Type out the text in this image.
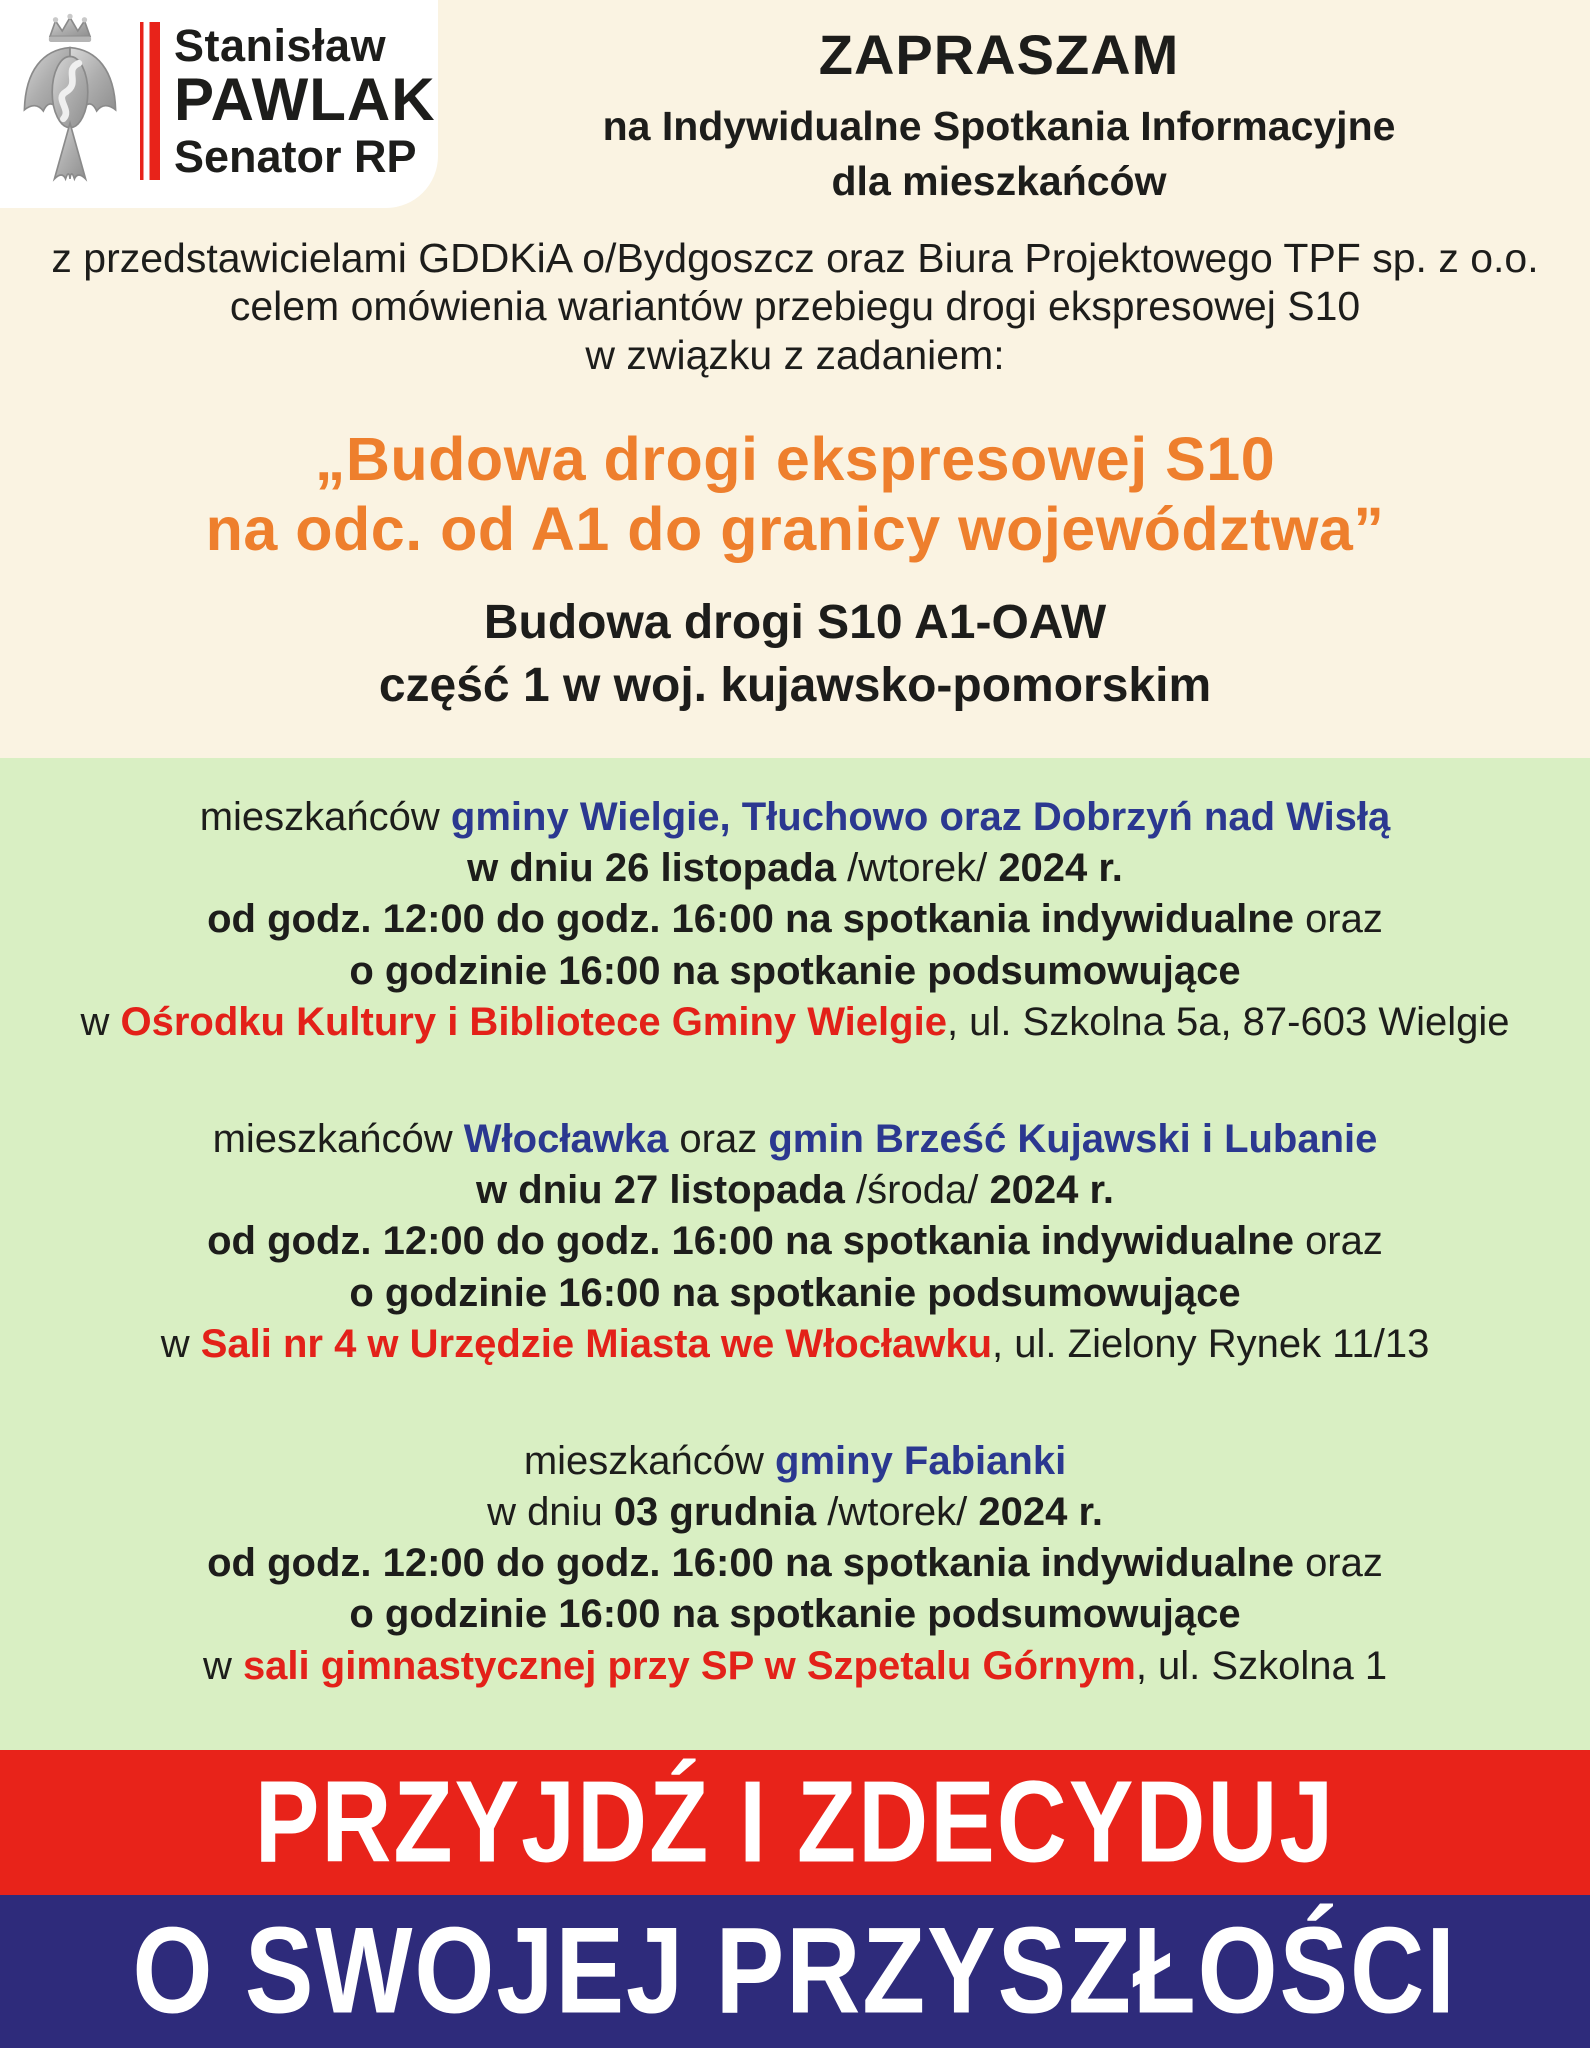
Stanisław
PAWLAK
Senator RP
ZAPRASZAM
na Indywidualne Spotkania Informacyjne
dla mieszkańców
z przedstawicielami GDDKiA o/Bydgoszcz oraz Biura Projektowego TPF sp. z o.o.
celem omówienia wariantów przebiegu drogi ekspresowej S10
w związku z zadaniem:
„Budowa drogi ekspresowej S10
na odc. od A1 do granicy województwa”
Budowa drogi S10 A1-OAW
część 1 w woj. kujawsko-pomorskim
mieszkańców gminy Wielgie, Tłuchowo oraz Dobrzyń nad Wisłą
w dniu 26 listopada /wtorek/ 2024 r.
od godz. 12:00 do godz. 16:00 na spotkania indywidualne oraz
o godzinie 16:00 na spotkanie podsumowujące
w Ośrodku Kultury i Bibliotece Gminy Wielgie, ul. Szkolna 5a, 87-603 Wielgie
mieszkańców Włocławka oraz gmin Brześć Kujawski i Lubanie
w dniu 27 listopada /środa/ 2024 r.
od godz. 12:00 do godz. 16:00 na spotkania indywidualne oraz
o godzinie 16:00 na spotkanie podsumowujące
w Sali nr 4 w Urzędzie Miasta we Włocławku, ul. Zielony Rynek 11/13
mieszkańców gminy Fabianki
w dniu 03 grudnia /wtorek/ 2024 r.
od godz. 12:00 do godz. 16:00 na spotkania indywidualne oraz
o godzinie 16:00 na spotkanie podsumowujące
w sali gimnastycznej przy SP w Szpetalu Górnym, ul. Szkolna 1
PRZYJDŹ I ZDECYDUJ
O SWOJEJ PRZYSZŁOŚCI
